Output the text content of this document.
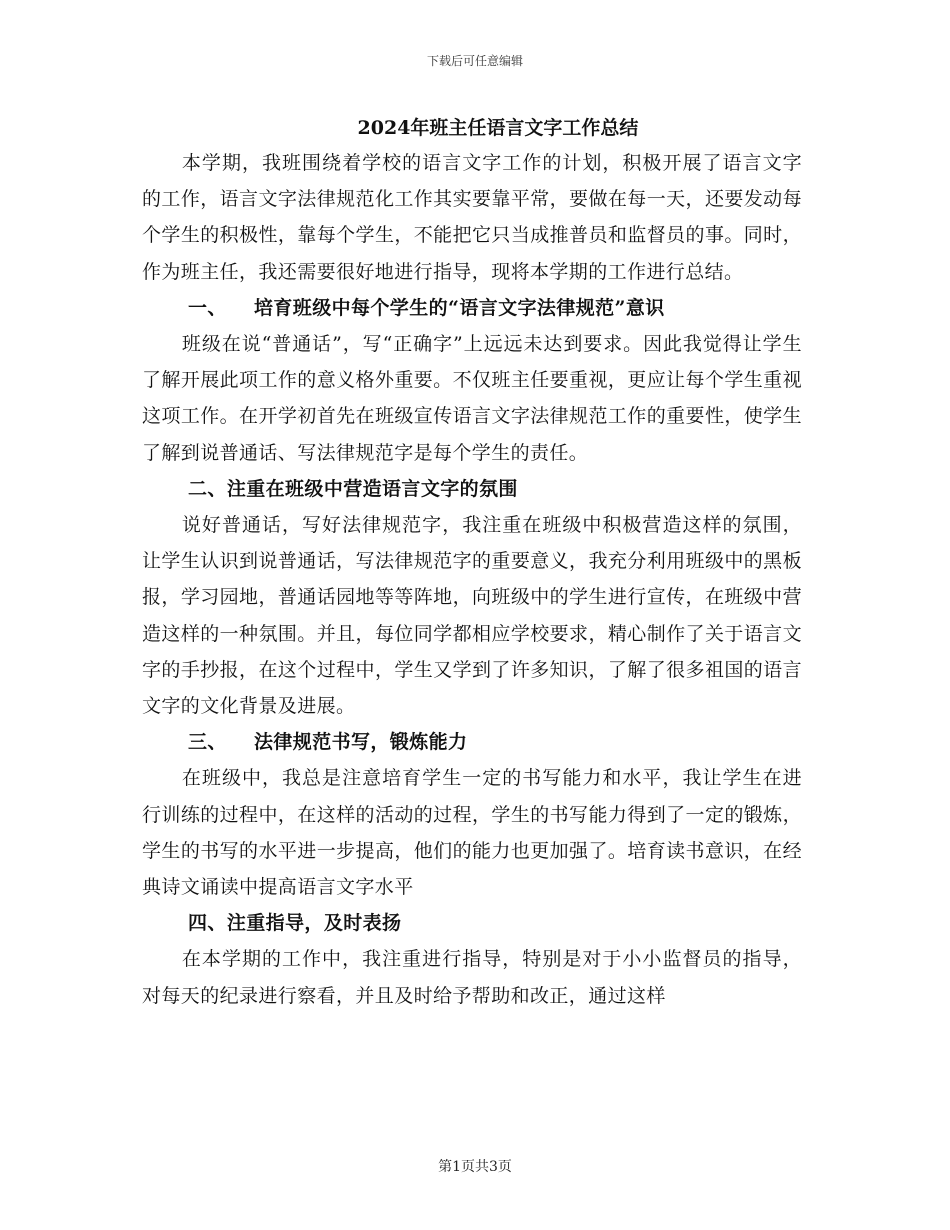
下载后可任意编辑
2024年班主任语言文字工作总结

本学期，我班围绕着学校的语言文字工作的计划，积极开展了语言文字的工作，语言文字法律规范化工作其实要靠平常，要做在每一天，还要发动每个学生的积极性，靠每个学生，不能把它只当成推普员和监督员的事。同时，作为班主任，我还需要很好地进行指导，现将本学期的工作进行总结。

一、 培育班级中每个学生的“语言文字法律规范”意识

班级在说“普通话”，写“正确字”上远远未达到要求。因此我觉得让学生了解开展此项工作的意义格外重要。不仅班主任要重视，更应让每个学生重视这项工作。在开学初首先在班级宣传语言文字法律规范工作的重要性，使学生了解到说普通话、写法律规范字是每个学生的责任。

二、注重在班级中营造语言文字的氛围

说好普通话，写好法律规范字，我注重在班级中积极营造这样的氛围，让学生认识到说普通话，写法律规范字的重要意义，我充分利用班级中的黑板报，学习园地，普通话园地等等阵地，向班级中的学生进行宣传，在班级中营造这样的一种氛围。并且，每位同学都相应学校要求，精心制作了关于语言文字的手抄报，在这个过程中，学生又学到了许多知识，了解了很多祖国的语言文字的文化背景及进展。

三、 法律规范书写，锻炼能力

在班级中，我总是注意培育学生一定的书写能力和水平，我让学生在进行训练的过程中，在这样的活动的过程，学生的书写能力得到了一定的锻炼，学生的书写的水平进一步提高，他们的能力也更加强了。培育读书意识，在经典诗文诵读中提高语言文字水平

四、注重指导，及时表扬

在本学期的工作中，我注重进行指导，特别是对于小小监督员的指导，对每天的纪录进行察看，并且及时给予帮助和改正，通过这样

第1页共3页
